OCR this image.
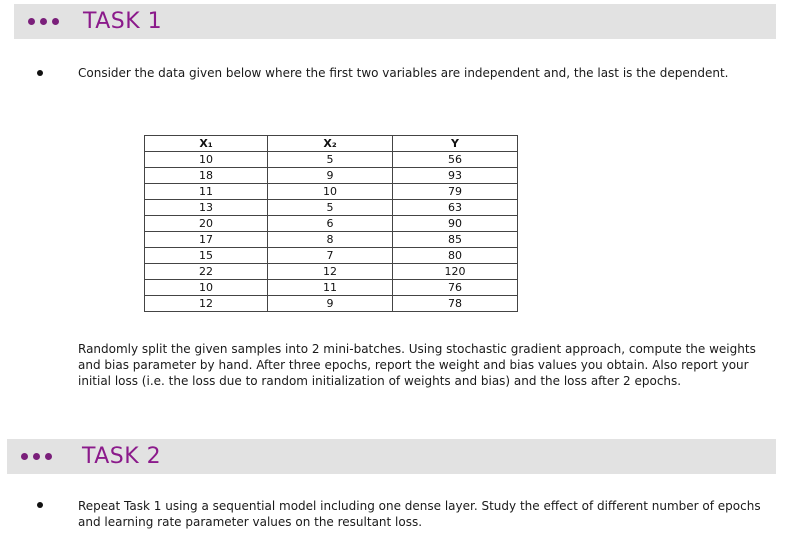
TASK 1
Consider the data given below where the first two variables are independent and, the last is the dependent.
X₁	X₂	Y
10	5	56
18	9	93
11	10	79
13	5	63
20	6	90
17	8	85
15	7	80
22	12	120
10	11	76
12	9	78
Randomly split the given samples into 2 mini-batches. Using stochastic gradient approach, compute the weights and bias parameter by hand. After three epochs, report the weight and bias values you obtain. Also report your initial loss (i.e. the loss due to random initialization of weights and bias) and the loss after 2 epochs.
TASK 2
Repeat Task 1 using a sequential model including one dense layer. Study the effect of different number of epochs and learning rate parameter values on the resultant loss.
